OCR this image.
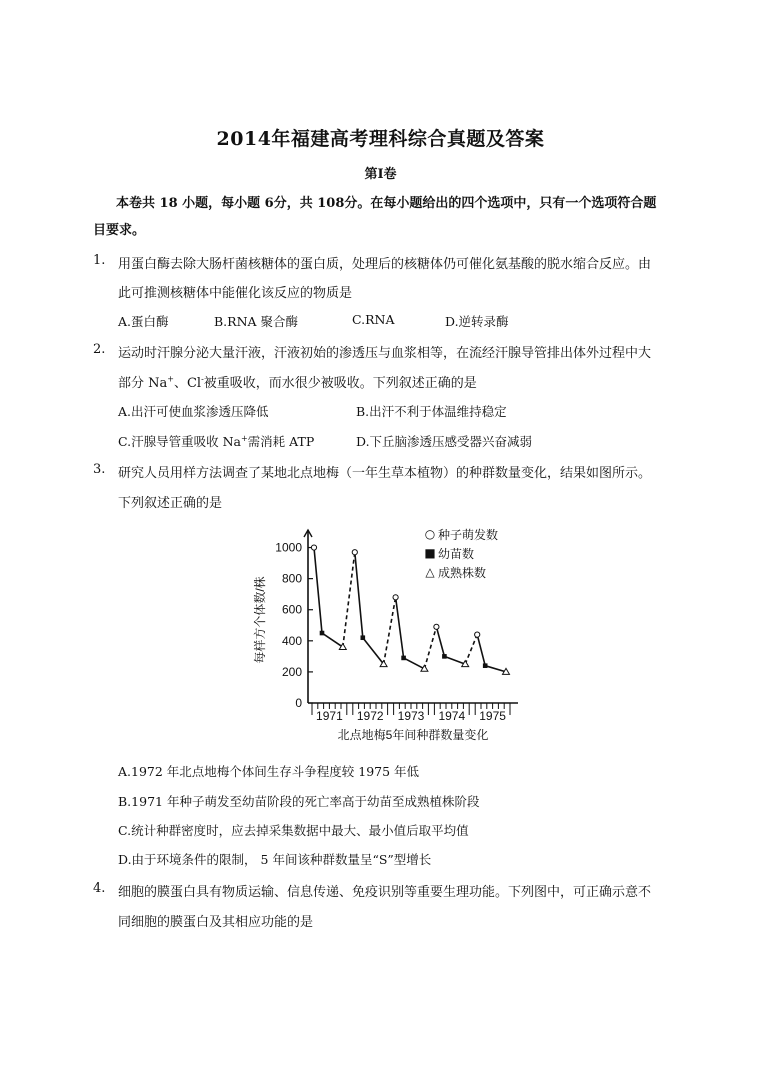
2014年福建高考理科综合真题及答案
第Ⅰ卷
本卷共 18 小题，每小题 6分，共 108分。在每小题给出的四个选项中，只有一个选项符合题
目要求。
1. 用蛋白酶去除大肠杆菌核糖体的蛋白质，处理后的核糖体仍可催化氨基酸的脱水缩合反应。由
此可推测核糖体中能催化该反应的物质是
A.蛋白酶	B.RNA 聚合酶	C.RNA	D.逆转录酶
2. 运动时汗腺分泌大量汗液，汗液初始的渗透压与血浆相等，在流经汗腺导管排出体外过程中大
部分 Na+、Cl-被重吸收，而水很少被吸收。下列叙述正确的是
A.出汗可使血浆渗透压降低	B.出汗不利于体温维持稳定
C.汗腺导管重吸收 Na+需消耗 ATP	D.下丘脑渗透压感受器兴奋减弱
3. 研究人员用样方法调查了某地北点地梅（一年生草本植物）的种群数量变化，结果如图所示。
下列叙述正确的是
1000
800
600
400
200
0
每样方个体数/株
1971 1972 1973 1974 1975
北点地梅5年间种群数量变化
○ 种子萌发数
■ 幼苗数
△ 成熟株数
A.1972 年北点地梅个体间生存斗争程度较 1975 年低
B.1971 年种子萌发至幼苗阶段的死亡率高于幼苗至成熟植株阶段
C.统计种群密度时，应去掉采集数据中最大、最小值后取平均值
D.由于环境条件的限制， 5 年间该种群数量呈“S”型增长
4. 细胞的膜蛋白具有物质运输、信息传递、免疫识别等重要生理功能。下列图中，可正确示意不
同细胞的膜蛋白及其相应功能的是
